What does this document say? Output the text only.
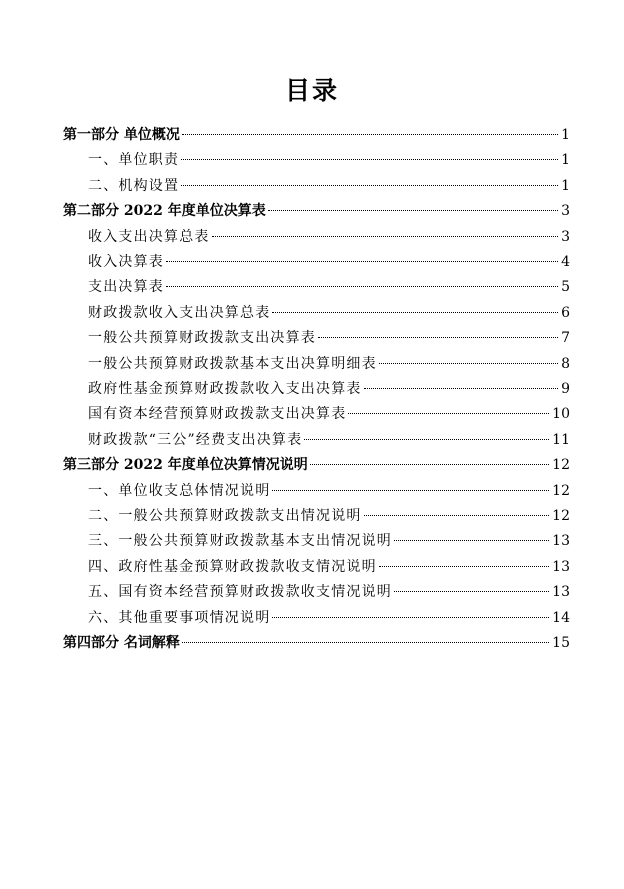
目录
第一部分 单位概况	1
一、单位职责	1
二、机构设置	1
第二部分 2022 年度单位决算表	3
收入支出决算总表	3
收入决算表	4
支出决算表	5
财政拨款收入支出决算总表	6
一般公共预算财政拨款支出决算表	7
一般公共预算财政拨款基本支出决算明细表	8
政府性基金预算财政拨款收入支出决算表	9
国有资本经营预算财政拨款支出决算表	10
财政拨款“三公”经费支出决算表	11
第三部分 2022 年度单位决算情况说明	12
一、单位收支总体情况说明	12
二、一般公共预算财政拨款支出情况说明	12
三、一般公共预算财政拨款基本支出情况说明	13
四、政府性基金预算财政拨款收支情况说明	13
五、国有资本经营预算财政拨款收支情况说明	13
六、其他重要事项情况说明	14
第四部分 名词解释	15
